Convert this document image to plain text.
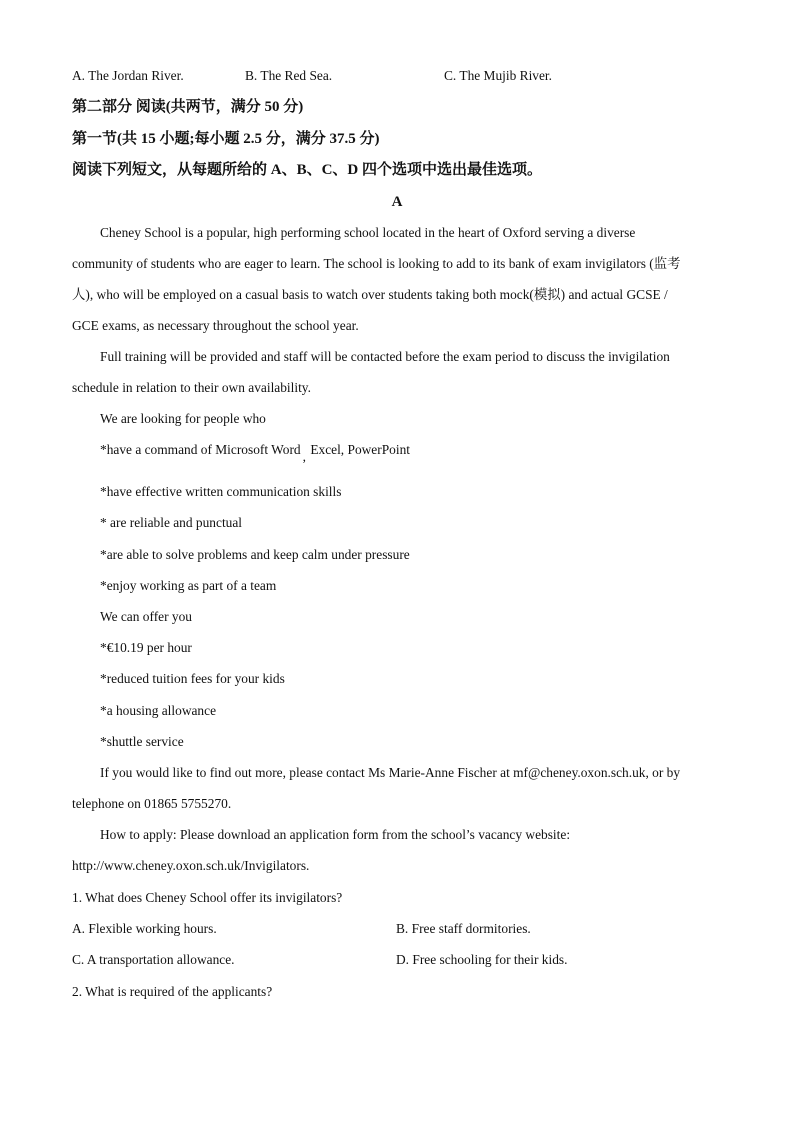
A. The Jordan River.	B. The Red Sea.	C. The Mujib River.
第二部分 阅读(共两节，满分 50 分)
第一节(共 15 小题;每小题 2.5 分，满分 37.5 分)
阅读下列短文，从每题所给的 A、B、C、D 四个选项中选出最佳选项。
A
Cheney School is a popular, high performing school located in the heart of Oxford serving a diverse
community of students who are eager to learn. The school is looking to add to its bank of exam invigilators (监考
人), who will be employed on a casual basis to watch over students taking both mock(模拟) and actual GCSE /
GCE exams, as necessary throughout the school year.
Full training will be provided and staff will be contacted before the exam period to discuss the invigilation
schedule in relation to their own availability.
We are looking for people who
*have a command of Microsoft Word , Excel, PowerPoint
*have effective written communication skills
* are reliable and punctual
*are able to solve problems and keep calm under pressure
*enjoy working as part of a team
We can offer you
*€10.19 per hour
*reduced tuition fees for your kids
*a housing allowance
*shuttle service
If you would like to find out more, please contact Ms Marie-Anne Fischer at mf@cheney.oxon.sch.uk, or by
telephone on 01865 5755270.
How to apply: Please download an application form from the school’s vacancy website:
http://www.cheney.oxon.sch.uk/Invigilators.
1. What does Cheney School offer its invigilators?
A. Flexible working hours.	B. Free staff dormitories.
C. A transportation allowance.	D. Free schooling for their kids.
2. What is required of the applicants?
